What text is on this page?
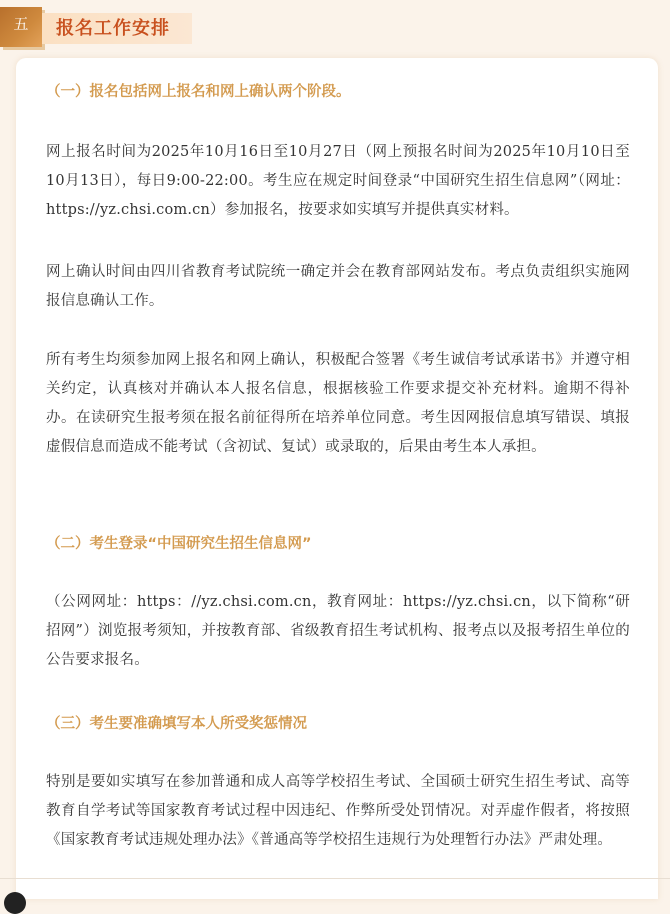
五	报名工作安排

（一）报名包括网上报名和网上确认两个阶段。

网上报名时间为2025年10月16日至10月27日（网上预报名时间为2025年10月10日至10月13日），每日9:00-22:00。考生应在规定时间登录“中国研究生招生信息网”（网址：https://yz.chsi.com.cn）参加报名，按要求如实填写并提供真实材料。

网上确认时间由四川省教育考试院统一确定并会在教育部网站发布。考点负责组织实施网报信息确认工作。

所有考生均须参加网上报名和网上确认，积极配合签署《考生诚信考试承诺书》并遵守相关约定，认真核对并确认本人报名信息，根据核验工作要求提交补充材料。逾期不得补办。在读研究生报考须在报名前征得所在培养单位同意。考生因网报信息填写错误、填报虚假信息而造成不能考试（含初试、复试）或录取的，后果由考生本人承担。

（二）考生登录“中国研究生招生信息网”

（公网网址：https：//yz.chsi.com.cn，教育网址：https://yz.chsi.cn，以下简称“研招网”）浏览报考须知，并按教育部、省级教育招生考试机构、报考点以及报考招生单位的公告要求报名。

（三）考生要准确填写本人所受奖惩情况

特别是要如实填写在参加普通和成人高等学校招生考试、全国硕士研究生招生考试、高等教育自学考试等国家教育考试过程中因违纪、作弊所受处罚情况。对弄虚作假者，将按照《国家教育考试违规处理办法》《普通高等学校招生违规行为处理暂行办法》严肃处理。
